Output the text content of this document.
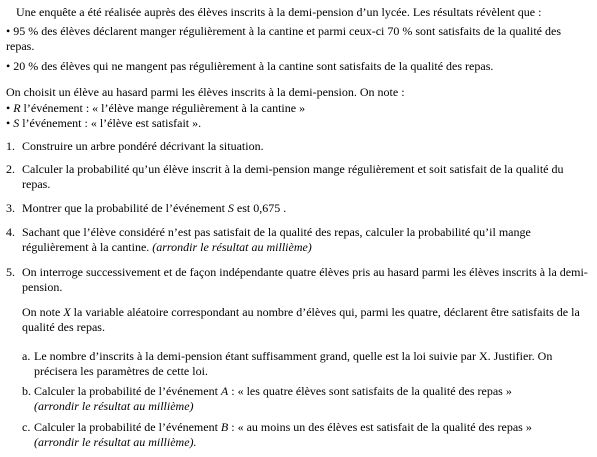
Une enquête a été réalisée auprès des élèves inscrits à la demi-pension d’un lycée. Les résultats révèlent que :

• 95 % des élèves déclarent manger régulièrement à la cantine et parmi ceux-ci 70 % sont satisfaits de la qualité des repas.

• 20 % des élèves qui ne mangent pas régulièrement à la cantine sont satisfaits de la qualité des repas.

On choisit un élève au hasard parmi les élèves inscrits à la demi-pension. On note :

• R l’événement : « l’élève mange régulièrement à la cantine »

• S l’événement : « l’élève est satisfait ».

1. Construire un arbre pondéré décrivant la situation.
2. Calculer la probabilité qu’un élève inscrit à la demi-pension mange régulièrement et soit satisfait de la qualité du repas.
3. Montrer que la probabilité de l’événement S est 0,675 .
4. Sachant que l’élève considéré n’est pas satisfait de la qualité des repas, calculer la probabilité qu’il mange régulièrement à la cantine. (arrondir le résultat au millième)
5. On interroge successivement et de façon indépendante quatre élèves pris au hasard parmi les élèves inscrits à la demi-pension.

On note X la variable aléatoire correspondant au nombre d’élèves qui, parmi les quatre, déclarent être satisfaits de la qualité des repas.

a. Le nombre d’inscrits à la demi-pension étant suffisamment grand, quelle est la loi suivie par X. Justifier. On précisera les paramètres de cette loi.
b. Calculer la probabilité de l’événement A : « les quatre élèves sont satisfaits de la qualité des repas »
(arrondir le résultat au millième)
c. Calculer la probabilité de l’événement B : « au moins un des élèves est satisfait de la qualité des repas »
(arrondir le résultat au millième).
